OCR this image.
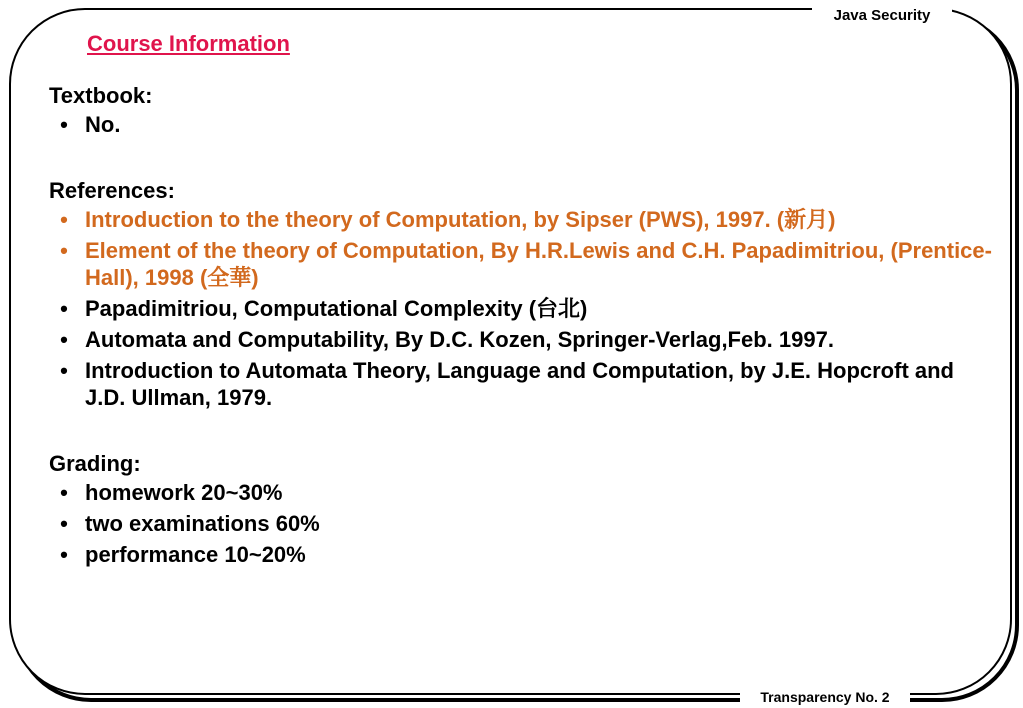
Java Security
Transparency No. 2
Course Information
Textbook:
• No.
References:
• Introduction to the theory of Computation, by Sipser (PWS), 1997. (新月)
• Element of the theory of Computation, By H.R.Lewis and C.H. Papadimitriou, (Prentice-Hall), 1998 (全華)
• Papadimitriou, Computational Complexity (台北)
• Automata and Computability, By D.C. Kozen, Springer-Verlag,Feb. 1997.
• Introduction to Automata Theory, Language and Computation, by J.E. Hopcroft and J.D. Ullman, 1979.
Grading:
• homework 20~30%
• two examinations 60%
• performance 10~20%
